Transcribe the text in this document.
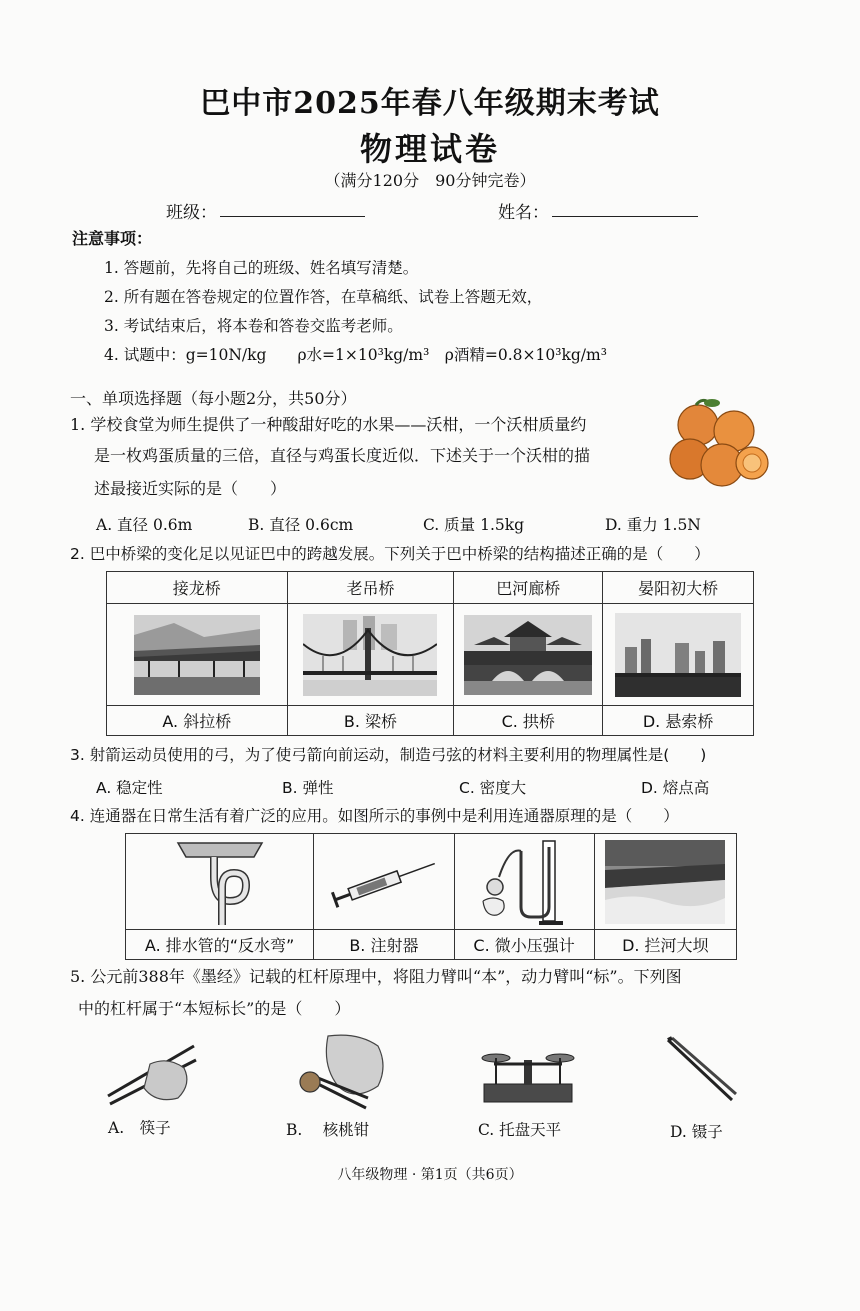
巴中市2025年春八年级期末考试
物理试卷
（满分120分　90分钟完卷）
班级：	姓名：
注意事项：
1. 答题前，先将自己的班级、姓名填写清楚。
2. 所有题在答卷规定的位置作答，在草稿纸、试卷上答题无效，
3. 考试结束后，将本卷和答卷交监考老师。
4. 试题中：g=10N/kg　　ρ水=1×10³kg/m³　ρ酒精=0.8×10³kg/m³
一、单项选择题（每小题2分，共50分）
1. 学校食堂为师生提供了一种酸甜好吃的水果——沃柑，一个沃柑质量约
是一枚鸡蛋质量的三倍，直径与鸡蛋长度近似．下述关于一个沃柑的描
述最接近实际的是（　　）
A. 直径 0.6m	B. 直径 0.6cm	C. 质量 1.5kg	D. 重力 1.5N
2. 巴中桥梁的变化足以见证巴中的跨越发展。下列关于巴中桥梁的结构描述正确的是（　　）
接龙桥	老吊桥	巴河廊桥	晏阳初大桥

A. 斜拉桥	B. 梁桥	C. 拱桥	D. 悬索桥
3. 射箭运动员使用的弓，为了使弓箭向前运动，制造弓弦的材料主要利用的物理属性是(　　)
A. 稳定性	B. 弹性	C. 密度大	D. 熔点高
4. 连通器在日常生活有着广泛的应用。如图所示的事例中是利用连通器原理的是（　　）

A. 排水管的“反水弯”	B. 注射器	C. 微小压强计	D. 拦河大坝
5. 公元前388年《墨经》记载的杠杆原理中，将阻力臂叫“本”，动力臂叫“标”。下列图
中的杠杆属于“本短标长”的是（　　）
A.　筷子	B.　 核桃钳	C. 托盘天平	D. 镊子
八年级物理 · 第1页（共6页）
